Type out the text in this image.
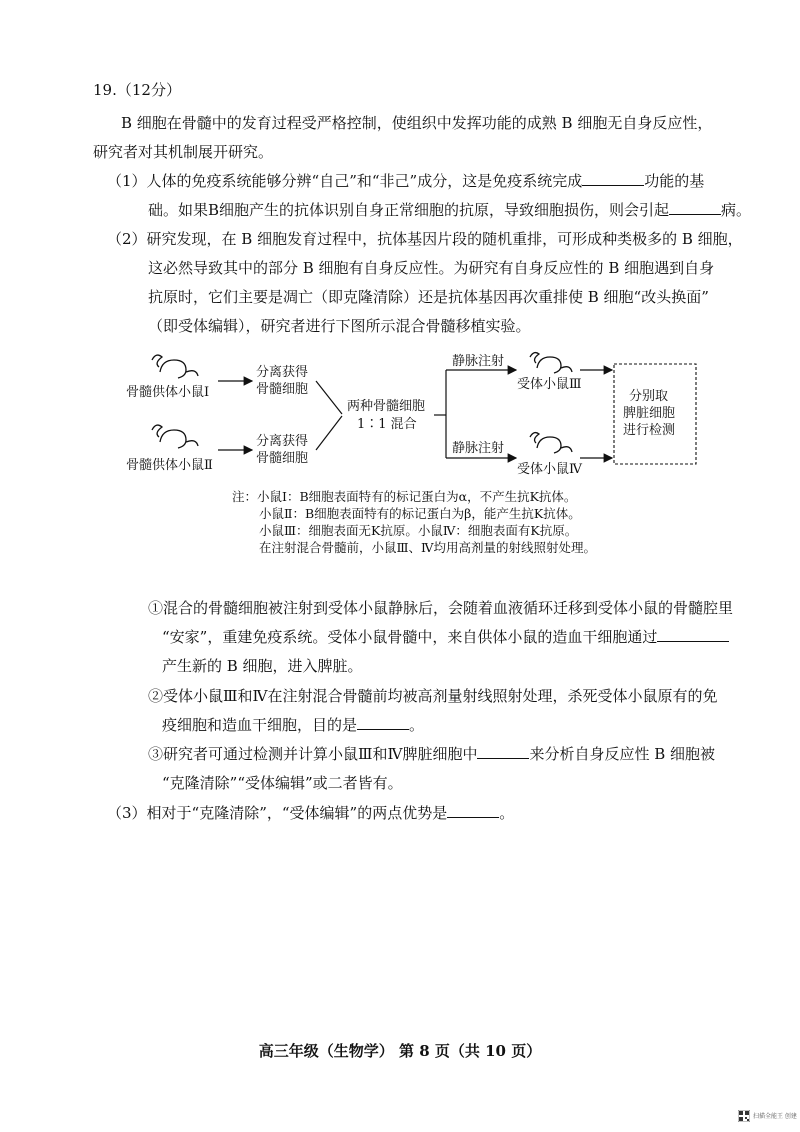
19.（12分）
B 细胞在骨髓中的发育过程受严格控制，使组织中发挥功能的成熟 B 细胞无自身反应性，
研究者对其机制展开研究。
（1）人体的免疫系统能够分辨“自己”和“非己”成分，这是免疫系统完成	功能的基
础。如果B细胞产生的抗体识别自身正常细胞的抗原，导致细胞损伤，则会引起	病。
（2）研究发现，在 B 细胞发育过程中，抗体基因片段的随机重排，可形成种类极多的 B 细胞，
这必然导致其中的部分 B 细胞有自身反应性。为研究有自身反应性的 B 细胞遇到自身
抗原时，它们主要是凋亡（即克隆清除）还是抗体基因再次重排使 B 细胞“改头换面”
（即受体编辑），研究者进行下图所示混合骨髓移植实验。
骨髓供体小鼠Ⅰ
骨髓供体小鼠Ⅱ
分离获得
骨髓细胞
分离获得
骨髓细胞
两种骨髓细胞
1∶1 混合
静脉注射
静脉注射
受体小鼠Ⅲ
受体小鼠Ⅳ
分别取
脾脏细胞
进行检测
注：小鼠Ⅰ：B细胞表面特有的标记蛋白为α，不产生抗K抗体。
小鼠Ⅱ：B细胞表面特有的标记蛋白为β，能产生抗K抗体。
小鼠Ⅲ：细胞表面无K抗原。小鼠Ⅳ：细胞表面有K抗原。
在注射混合骨髓前，小鼠Ⅲ、Ⅳ均用高剂量的射线照射处理。
①混合的骨髓细胞被注射到受体小鼠静脉后，会随着血液循环迁移到受体小鼠的骨髓腔里
“安家”，重建免疫系统。受体小鼠骨髓中，来自供体小鼠的造血干细胞通过
产生新的 B 细胞，进入脾脏。
②受体小鼠Ⅲ和Ⅳ在注射混合骨髓前均被高剂量射线照射处理，杀死受体小鼠原有的免
疫细胞和造血干细胞，目的是	。
③研究者可通过检测并计算小鼠Ⅲ和Ⅳ脾脏细胞中	来分析自身反应性 B 细胞被
“克隆清除”“受体编辑”或二者皆有。
（3）相对于“克隆清除”，“受体编辑”的两点优势是	。
高三年级（生物学） 第 8 页（共 10 页）
扫描全能王 创建
